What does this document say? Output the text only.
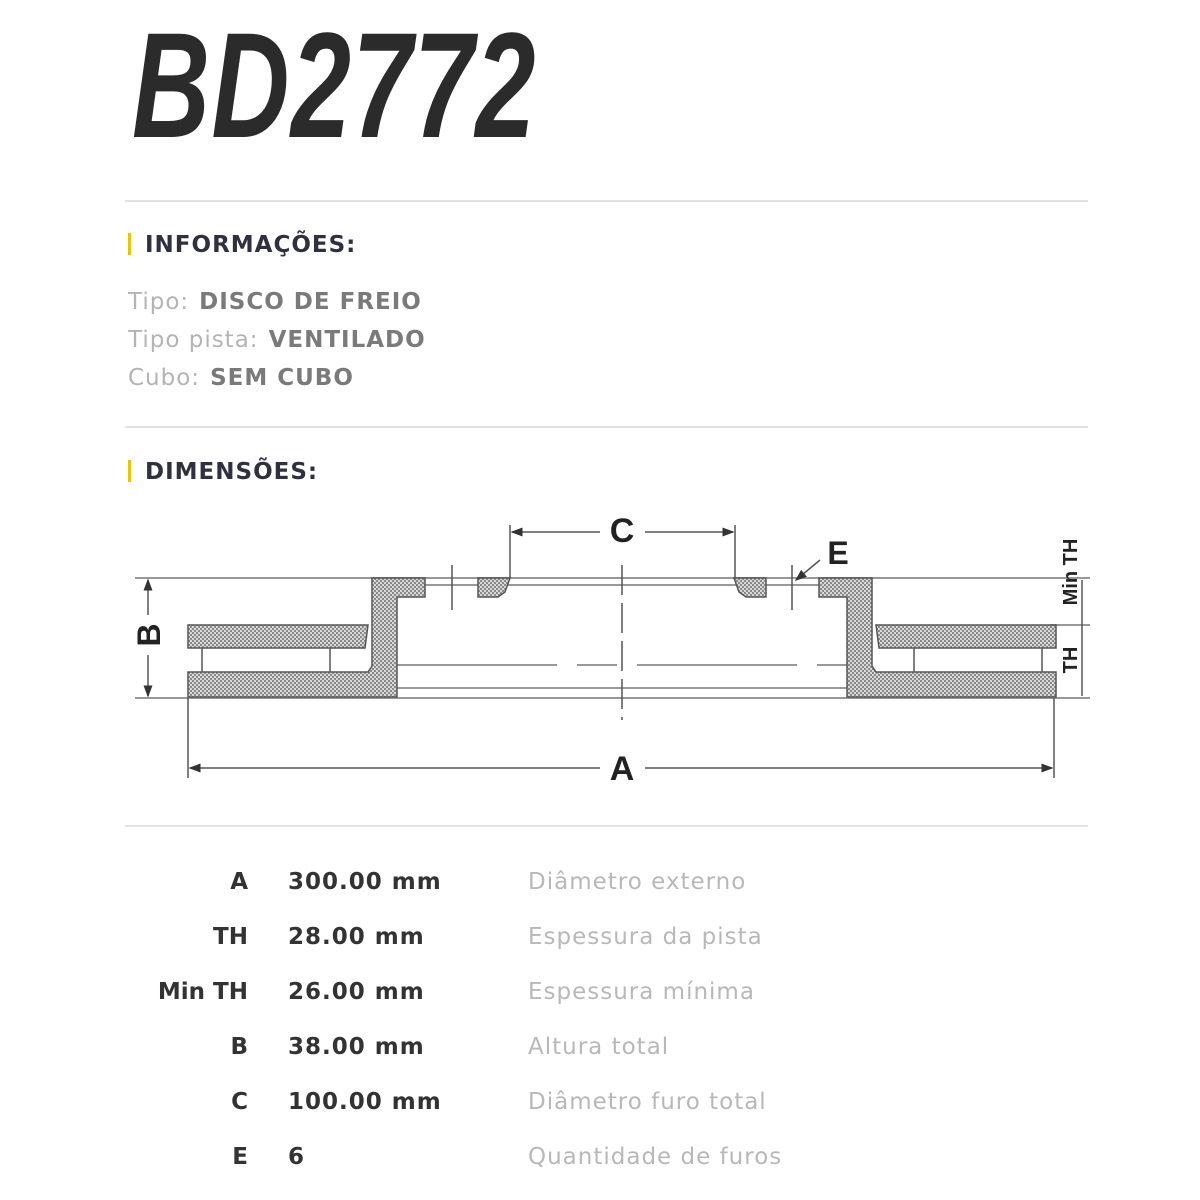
BD2772
INFORMAÇÕES:
Tipo: DISCO DE FREIO
Tipo pista: VENTILADO
Cubo: SEM CUBO
DIMENSÕES:
C
E
A
B
Min TH
TH
A 300.00 mm	Diâmetro externo
TH 28.00 mm	Espessura da pista
Min TH 26.00 mm	Espessura mínima
B 38.00 mm	Altura total
C 100.00 mm	Diâmetro furo total
E 6	Quantidade de furos
